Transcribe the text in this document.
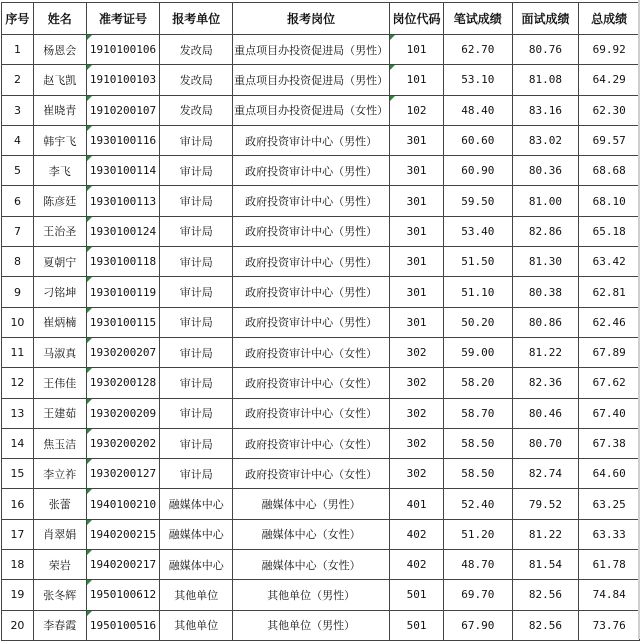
序号	姓名	准考证号	报考单位	报考岗位	岗位代码	笔试成绩	面试成绩	总成绩
1	杨恩会	1910100106	发改局	重点项目办投资促进局（男性）	101	62.70	80.76	69.92
2	赵飞凯	1910100103	发改局	重点项目办投资促进局（男性）	101	53.10	81.08	64.29
3	崔晓青	1910200107	发改局	重点项目办投资促进局（女性）	102	48.40	83.16	62.30
4	韩宇飞	1930100116	审计局	政府投资审计中心（男性）	301	60.60	83.02	69.57
5	李飞	1930100114	审计局	政府投资审计中心（男性）	301	60.90	80.36	68.68
6	陈彦廷	1930100113	审计局	政府投资审计中心（男性）	301	59.50	81.00	68.10
7	王治圣	1930100124	审计局	政府投资审计中心（男性）	301	53.40	82.86	65.18
8	夏朝宁	1930100118	审计局	政府投资审计中心（男性）	301	51.50	81.30	63.42
9	刁铭坤	1930100119	审计局	政府投资审计中心（男性）	301	51.10	80.38	62.81
10	崔炳楠	1930100115	审计局	政府投资审计中心（男性）	301	50.20	80.86	62.46
11	马淑真	1930200207	审计局	政府投资审计中心（女性）	302	59.00	81.22	67.89
12	王伟佳	1930200128	审计局	政府投资审计中心（女性）	302	58.20	82.36	67.62
13	王建茹	1930200209	审计局	政府投资审计中心（女性）	302	58.70	80.46	67.40
14	焦玉洁	1930200202	审计局	政府投资审计中心（女性）	302	58.50	80.70	67.38
15	李立祚	1930200127	审计局	政府投资审计中心（女性）	302	58.50	82.74	64.60
16	张蕾	1940100210	融媒体中心	融媒体中心（男性）	401	52.40	79.52	63.25
17	肖翠娟	1940200215	融媒体中心	融媒体中心（女性）	402	51.20	81.22	63.33
18	荣岩	1940200217	融媒体中心	融媒体中心（女性）	402	48.70	81.54	61.78
19	张冬辉	1950100612	其他单位	其他单位（男性）	501	69.70	82.56	74.84
20	李春霞	1950100516	其他单位	其他单位（男性）	501	67.90	82.56	73.76
